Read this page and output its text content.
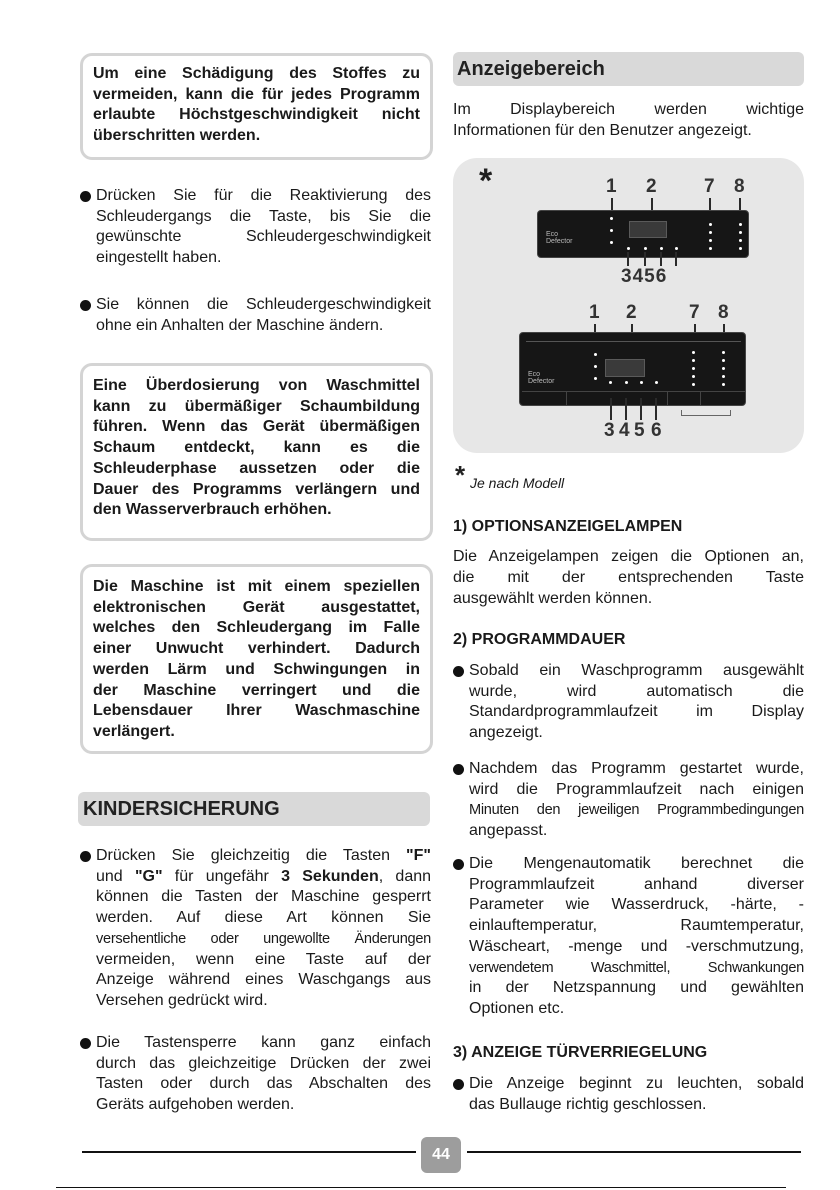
Um eine Schädigung des Stoffes zu

vermeiden, kann die für jedes Programm

erlaubte Höchstgeschwindigkeit nicht

überschritten werden.

Drücken Sie für die Reaktivierung des
Schleudergangs die Taste, bis Sie die
gewünschte Schleudergeschwindigkeit
eingestellt haben.
Sie können die Schleudergeschwindigkeit
ohne ein Anhalten der Maschine ändern.

Eine Überdosierung von Waschmittel

kann zu übermäßiger Schaumbildung

führen. Wenn das Gerät übermäßigen

Schaum entdeckt, kann es die

Schleuderphase aussetzen oder die

Dauer des Programms verlängern und

den Wasserverbrauch erhöhen.

Die Maschine ist mit einem speziellen

elektronischen Gerät ausgestattet,

welches den Schleudergang im Falle

einer Unwucht verhindert. Dadurch

werden Lärm und Schwingungen in

der Maschine verringert und die

Lebensdauer Ihrer Waschmaschine

verlängert.

KINDERSICHERUNG
Drücken Sie gleichzeitig die Tasten "F"
und "G" für ungefähr 3 Sekunden, dann
können die Tasten der Maschine gesperrt
werden. Auf diese Art können Sie
versehentliche oder ungewollte Änderungen
vermeiden, wenn eine Taste auf der
Anzeige während eines Waschgangs aus
Versehen gedrückt wird.
Die Tastensperre kann ganz einfach
durch das gleichzeitige Drücken der zwei
Tasten oder durch das Abschalten des
Geräts aufgehoben werden.
Anzeigebereich
Im Displaybereich werden wichtige
Informationen für den Benutzer angezeigt.
*	1 2 7 8
Eco
Defector
3456
1 2	7 8
Eco
Defector
3 4 5 6
* Je nach Modell
1) OPTIONSANZEIGELAMPEN
Die Anzeigelampen zeigen die Optionen an,
die mit der entsprechenden Taste
ausgewählt werden können.
2) PROGRAMMDAUER
Sobald ein Waschprogramm ausgewählt
wurde, wird automatisch die
Standardprogrammlaufzeit im Display
angezeigt.
Nachdem das Programm gestartet wurde,
wird die Programmlaufzeit nach einigen
Minuten den jeweiligen Programmbedingungen
angepasst.
Die Mengenautomatik berechnet die
Programmlaufzeit anhand diverser
Parameter wie Wasserdruck, -härte, -
einlauftemperatur, Raumtemperatur,
Wäscheart, -menge und -verschmutzung,
verwendetem Waschmittel, Schwankungen
in der Netzspannung und gewählten
Optionen etc.
3) ANZEIGE TÜRVERRIEGELUNG
Die Anzeige beginnt zu leuchten, sobald
das Bullauge richtig geschlossen.
44
